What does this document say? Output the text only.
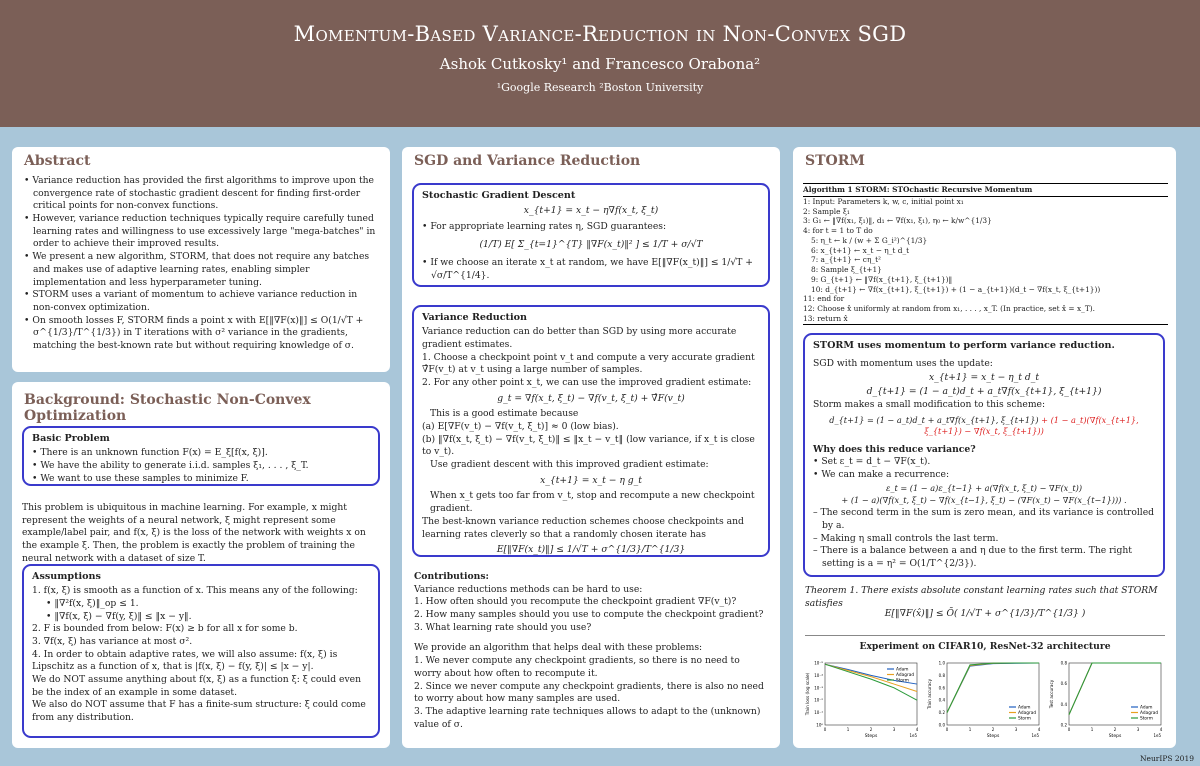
Momentum-Based Variance-Reduction in Non-Convex SGD
Ashok Cutkosky¹ and Francesco Orabona²
¹Google Research ²Boston University
Abstract
• Variance reduction has provided the first algorithms to improve upon the convergence rate of stochastic gradient descent for finding first-order critical points for non-convex functions.
• However, variance reduction techniques typically require carefully tuned learning rates and willingness to use excessively large "mega-batches" in order to achieve their improved results.
• We present a new algorithm, STORM, that does not require any batches and makes use of adaptive learning rates, enabling simpler implementation and less hyperparameter tuning.
• STORM uses a variant of momentum to achieve variance reduction in non-convex optimization.
• On smooth losses F, STORM finds a point x with E[‖∇F(x)‖] ≤ O(1/√T + σ^{1/3}/T^{1/3}) in T iterations with σ² variance in the gradients, matching the best-known rate but without requiring knowledge of σ.
Background: Stochastic Non-Convex Optimization
Basic Problem
• There is an unknown function F(x) = E_ξ[f(x, ξ)].
• We have the ability to generate i.i.d. samples ξ₁, . . . , ξ_T.
• We want to use these samples to minimize F.
This problem is ubiquitous in machine learning. For example, x might represent the weights of a neural network, ξ might represent some example/label pair, and f(x, ξ) is the loss of the network with weights x on the example ξ. Then, the problem is exactly the problem of training the neural network with a dataset of size T.
Assumptions
1. f(x, ξ) is smooth as a function of x. This means any of the following:
• ‖∇²f(x, ξ)‖_op ≤ 1.
• ‖∇f(x, ξ) − ∇f(y, ξ)‖ ≤ ‖x − y‖.
2. F is bounded from below: F(x) ≥ b for all x for some b.
3. ∇f(x, ξ) has variance at most σ².
4. In order to obtain adaptive rates, we will also assume: f(x, ξ) is Lipschitz as a function of x, that is |f(x, ξ) − f(y, ξ)| ≤ |x − y|.
We do NOT assume anything about f(x, ξ) as a function ξ: ξ could even be the index of an example in some dataset.
We also do NOT assume that F has a finite-sum structure: ξ could come from any distribution.
SGD and Variance Reduction
Stochastic Gradient Descent
x_{t+1} = x_t − η∇f(x_t, ξ_t)
• For appropriate learning rates η, SGD guarantees:
(1/T) E[ Σ_{t=1}^{T} ‖∇F(x_t)‖² ] ≤ 1/T + σ/√T
• If we choose an iterate x_t at random, we have E[‖∇F(x_t)‖] ≤ 1/√T + √σ/T^{1/4}.
Variance Reduction
Variance reduction can do better than SGD by using more accurate gradient estimates.
1. Choose a checkpoint point v_t and compute a very accurate gradient ∇̂F(v_t) at v_t using a large number of samples.
2. For any other point x_t, we can use the improved gradient estimate:
g_t = ∇f(x_t, ξ_t) − ∇f(v_t, ξ_t) + ∇̂F(v_t)
This is a good estimate because
(a) E[∇F(v_t) − ∇f(v_t, ξ_t)] ≈ 0 (low bias).
(b) ‖∇f(x_t, ξ_t) − ∇f(v_t, ξ_t)‖ ≤ ‖x_t − v_t‖ (low variance, if x_t is close to v_t).
Use gradient descent with this improved gradient estimate:
x_{t+1} = x_t − η g_t
When x_t gets too far from v_t, stop and recompute a new checkpoint gradient.
The best-known variance reduction schemes choose checkpoints and learning rates cleverly so that a randomly chosen iterate has
E[‖∇F(x_t)‖] ≤ 1/√T + σ^{1/3}/T^{1/3}
Contributions:
Variance reductions methods can be hard to use:
1. How often should you recompute the checkpoint gradient ∇F(v_t)?
2. How many samples should you use to compute the checkpoint gradient?
3. What learning rate should you use?
We provide an algorithm that helps deal with these problems:
1. We never compute any checkpoint gradients, so there is no need to worry about how often to recompute it.
2. Since we never compute any checkpoint gradients, there is also no need to worry about how many samples are used.
3. The adaptive learning rate techniques allows to adapt to the (unknown) value of σ.
STORM
Algorithm 1 STORM: STOchastic Recursive Momentum
1: Input: Parameters k, w, c, initial point x₁
2: Sample ξ₁
3: G₁ ← ‖∇f(x₁, ξ₁)‖, d₁ ← ∇f(x₁, ξ₁), η₀ ← k/w^{1/3}
4: for t = 1 to T do
5: η_t ← k / (w + Σ G_i²)^{1/3}
6: x_{t+1} ← x_t − η_t d_t
7: a_{t+1} ← cη_t²
8: Sample ξ_{t+1}
9: G_{t+1} ← ‖∇f(x_{t+1}, ξ_{t+1})‖
10: d_{t+1} ← ∇f(x_{t+1}, ξ_{t+1}) + (1 − a_{t+1})(d_t − ∇f(x_t, ξ_{t+1}))
11: end for
12: Choose x̂ uniformly at random from x₁, . . . , x_T. (In practice, set x̂ = x_T).
13: return x̂
STORM uses momentum to perform variance reduction.
SGD with momentum uses the update:
x_{t+1} = x_t − η_t d_t
d_{t+1} = (1 − a_t)d_t + a_t∇f(x_{t+1}, ξ_{t+1})
Storm makes a small modification to this scheme:
d_{t+1} = (1 − a_t)d_t + a_t∇f(x_{t+1}, ξ_{t+1}) + (1 − a_t)(∇f(x_{t+1}, ξ_{t+1}) − ∇f(x_t, ξ_{t+1}))
Why does this reduce variance?
• Set ε_t = d_t − ∇F(x_t).
• We can make a recurrence:
ε_t = (1 − a)ε_{t−1} + a(∇f(x_t, ξ_t) − ∇F(x_t))
+ (1 − a)(∇f(x_t, ξ_t) − ∇f(x_{t−1}, ξ_t) − (∇F(x_t) − ∇F(x_{t−1}))) .
– The second term in the sum is zero mean, and its variance is controlled by a.
– Making η small controls the last term.
– There is a balance between a and η due to the first term. The right setting is a = η² = O(1/T^{2/3}).
Theorem 1. There exists absolute constant learning rates such that STORM satisfies
E[‖∇F(x̂)‖] ≤ Õ( 1/√T + σ^{1/3}/T^{1/3} )
Experiment on CIFAR10, ResNet-32 architecture
Train loss (log scale)
10⁰
10⁻¹
10⁻²
10⁻³
10⁻⁴
10⁻⁵
0	1	2	3	4
Steps	1e5
Adam
Adagrad
Storm	Train accuracy
0.0
0.2
0.4
0.6
0.8
1.0
0	1	2	3	4
Steps	1e5
Adam
Adagrad
Storm
Test accuracy
0.2
0.4
0.6
0.8
0	1	2	3	4
Steps	1e5
Adam
Adagrad
Storm
NeurIPS 2019
